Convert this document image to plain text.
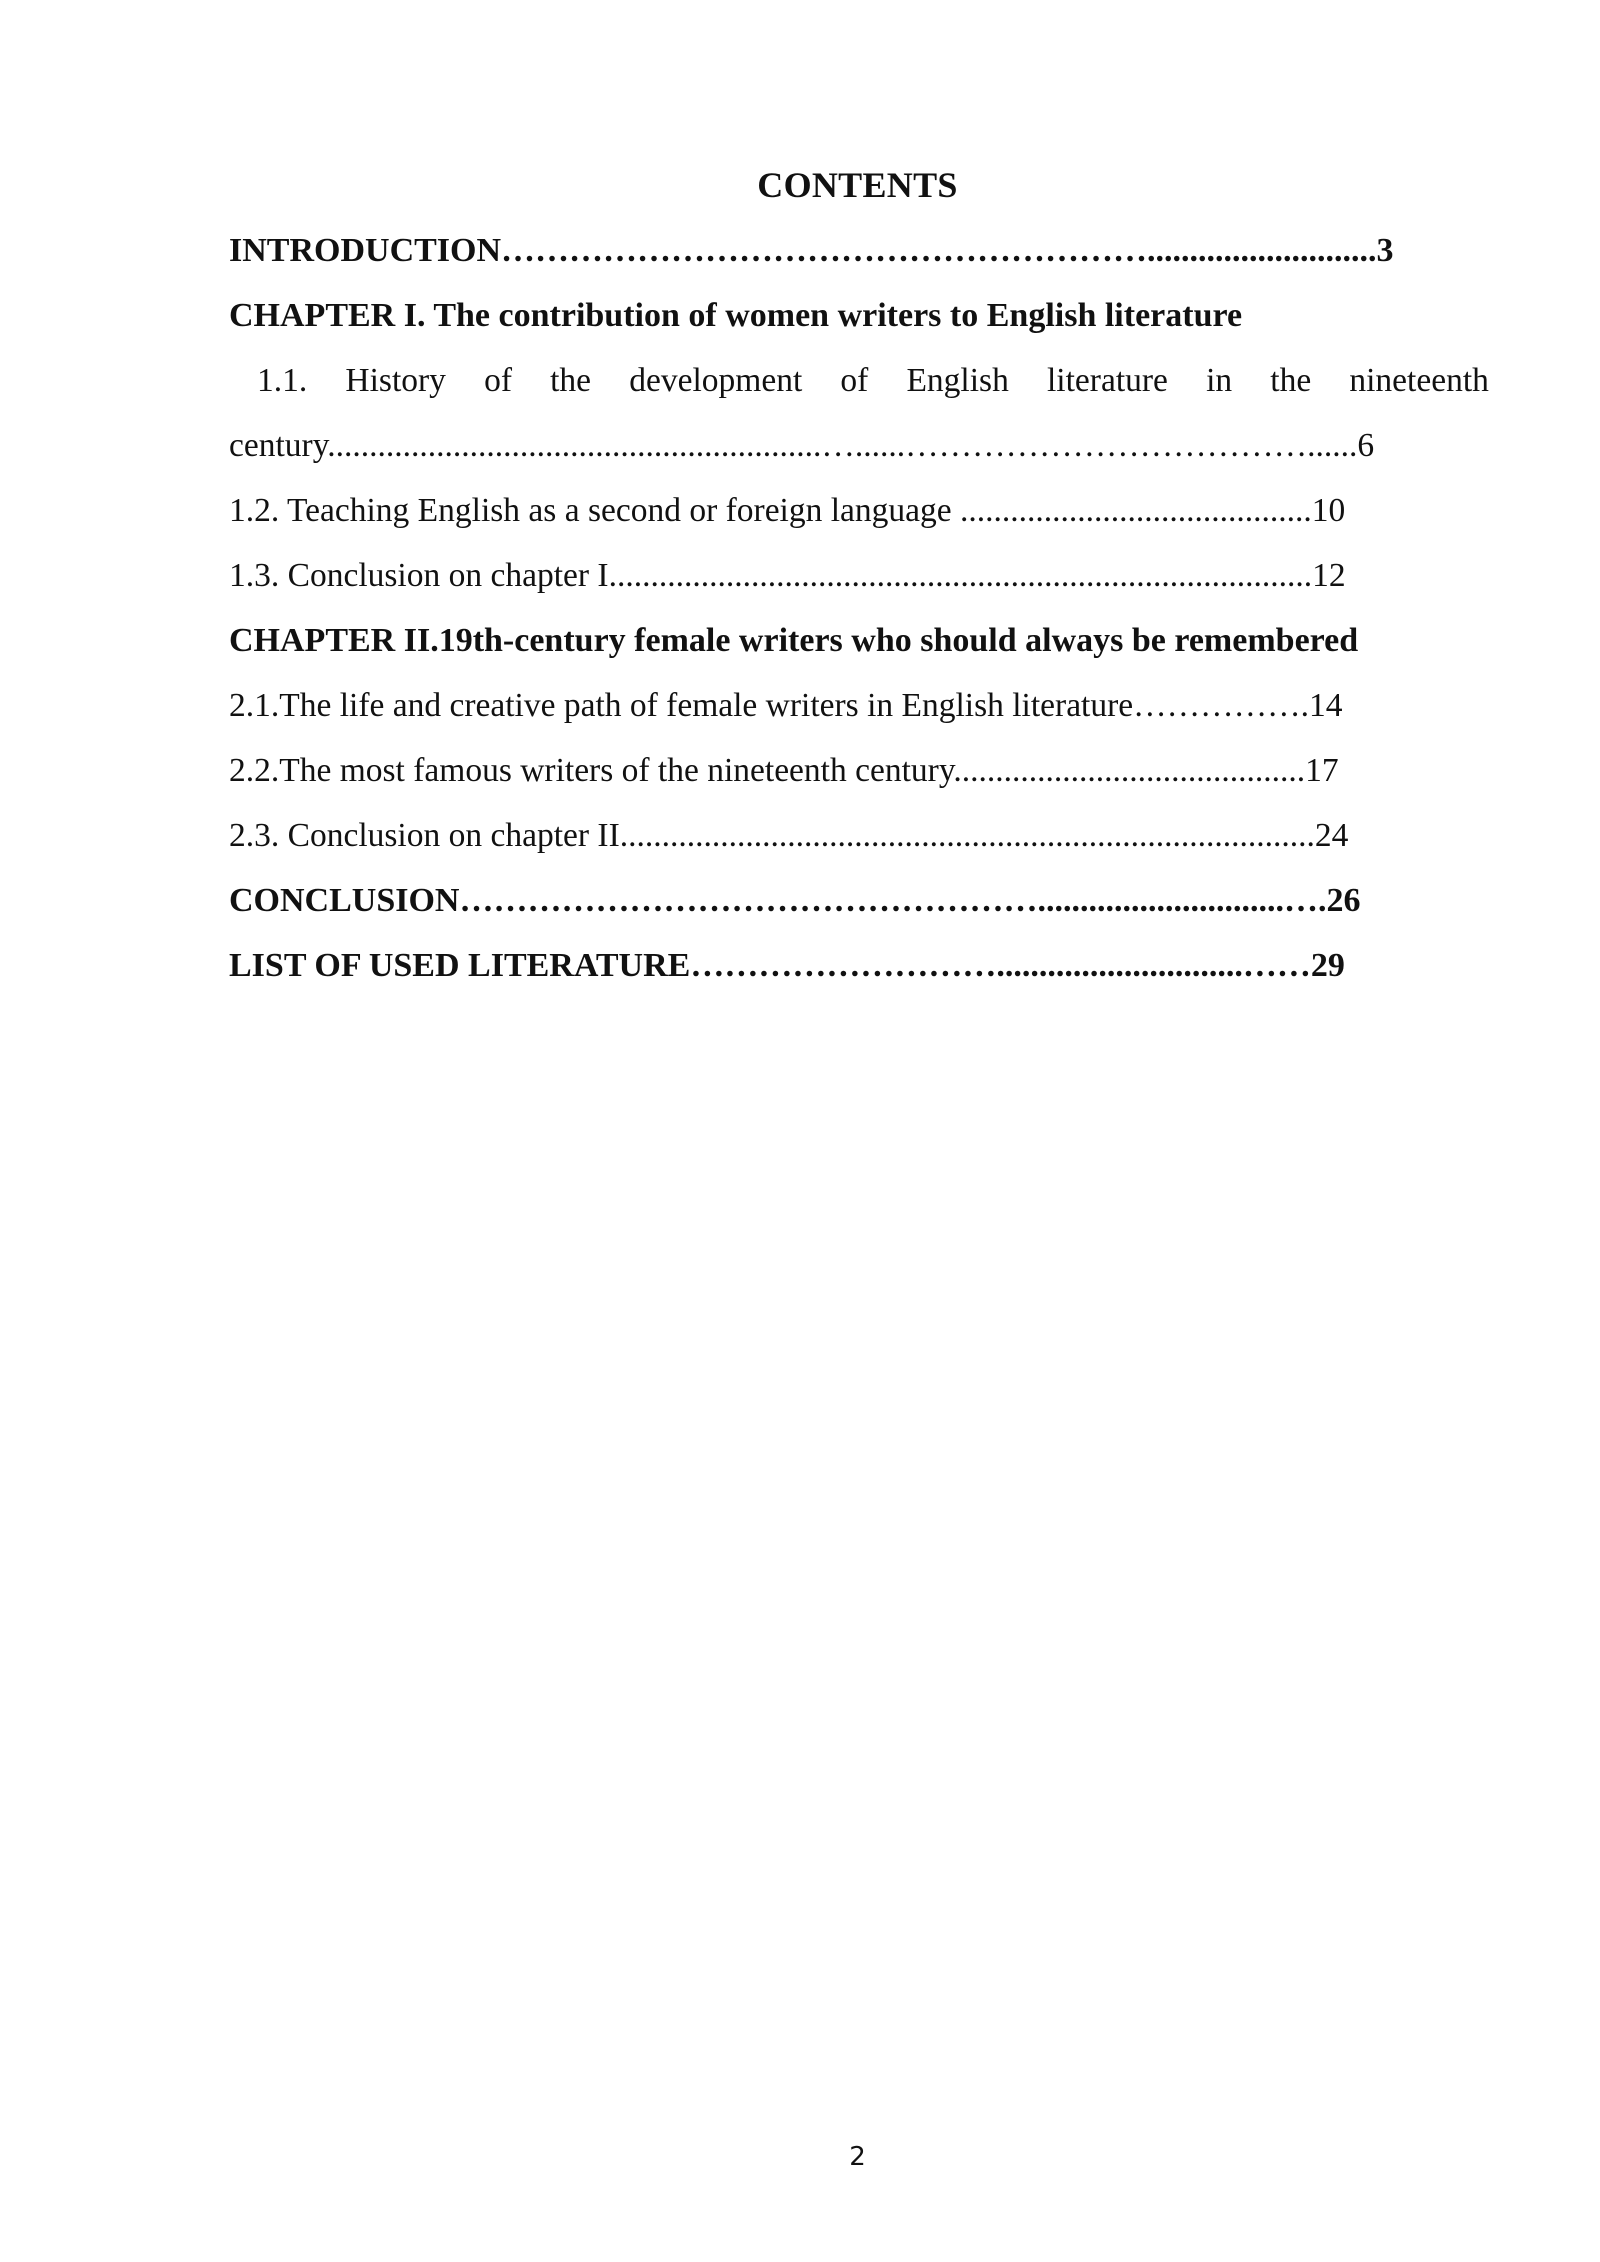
CONTENTS
INTRODUCTION…………………………………………………...........................3
CHAPTER I. The contribution of women writers to English literature
1.1. History of the development of English literature in the nineteenth
century...........................................................…......………………………………......6
1.2. Teaching English as a second or foreign language ..........................................10
1.3. Conclusion on chapter I....................................................................................12
CHAPTER II.19th-century female writers who should always be remembered
2.1.The life and creative path of female writers in English literature…………….14
2.2.The most famous writers of the nineteenth century..........................................17
2.3. Conclusion on chapter II...................................................................................24
CONCLUSION…………………………………………….............................….26
LIST OF USED LITERATURE……………………….............................……29
2
